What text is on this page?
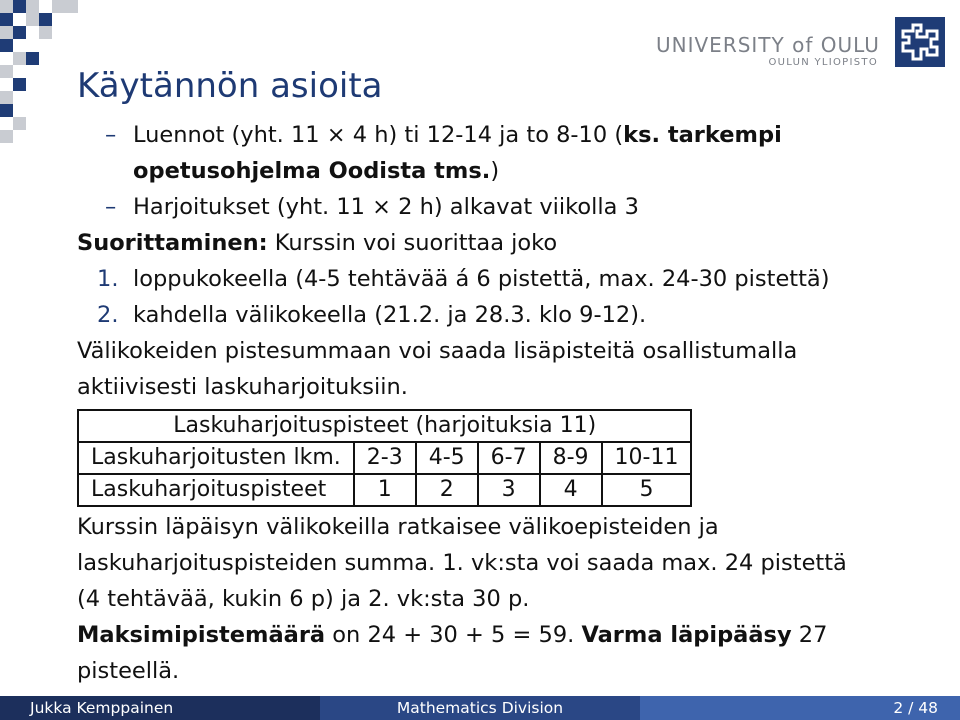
UNIVERSITY of OULU
OULUN YLIOPISTO
Käytännön asioita

– Luennot (yht. 11 × 4 h) ti 12-14 ja to 8-10 (ks. tarkempi

opetusohjelma Oodista tms.)

– Harjoitukset (yht. 11 × 2 h) alkavat viikolla 3

Suorittaminen: Kurssin voi suorittaa joko

1. loppukokeella (4-5 tehtävää á 6 pistettä, max. 24-30 pistettä)

2. kahdella välikokeella (21.2. ja 28.3. klo 9-12).

Välikokeiden pistesummaan voi saada lisäpisteitä osallistumalla aktiivisesti laskuharjoituksiin.

Laskuharjoituspisteet (harjoituksia 11)					
Laskuharjoitusten lkm.	2-3	4-5	6-7	8-9	10-11
Laskuharjoituspisteet	1	2	3	4	5

Kurssin läpäisyn välikokeilla ratkaisee välikoepisteiden ja laskuharjoituspisteiden summa. 1. vk:sta voi saada max. 24 pistettä (4 tehtävää, kukin 6 p) ja 2. vk:sta 30 p.

Maksimipistemäärä on 24 + 30 + 5 = 59. Varma läpipääsy 27 pisteellä.

Jukka Kemppainen	Mathematics Division	2 / 48
